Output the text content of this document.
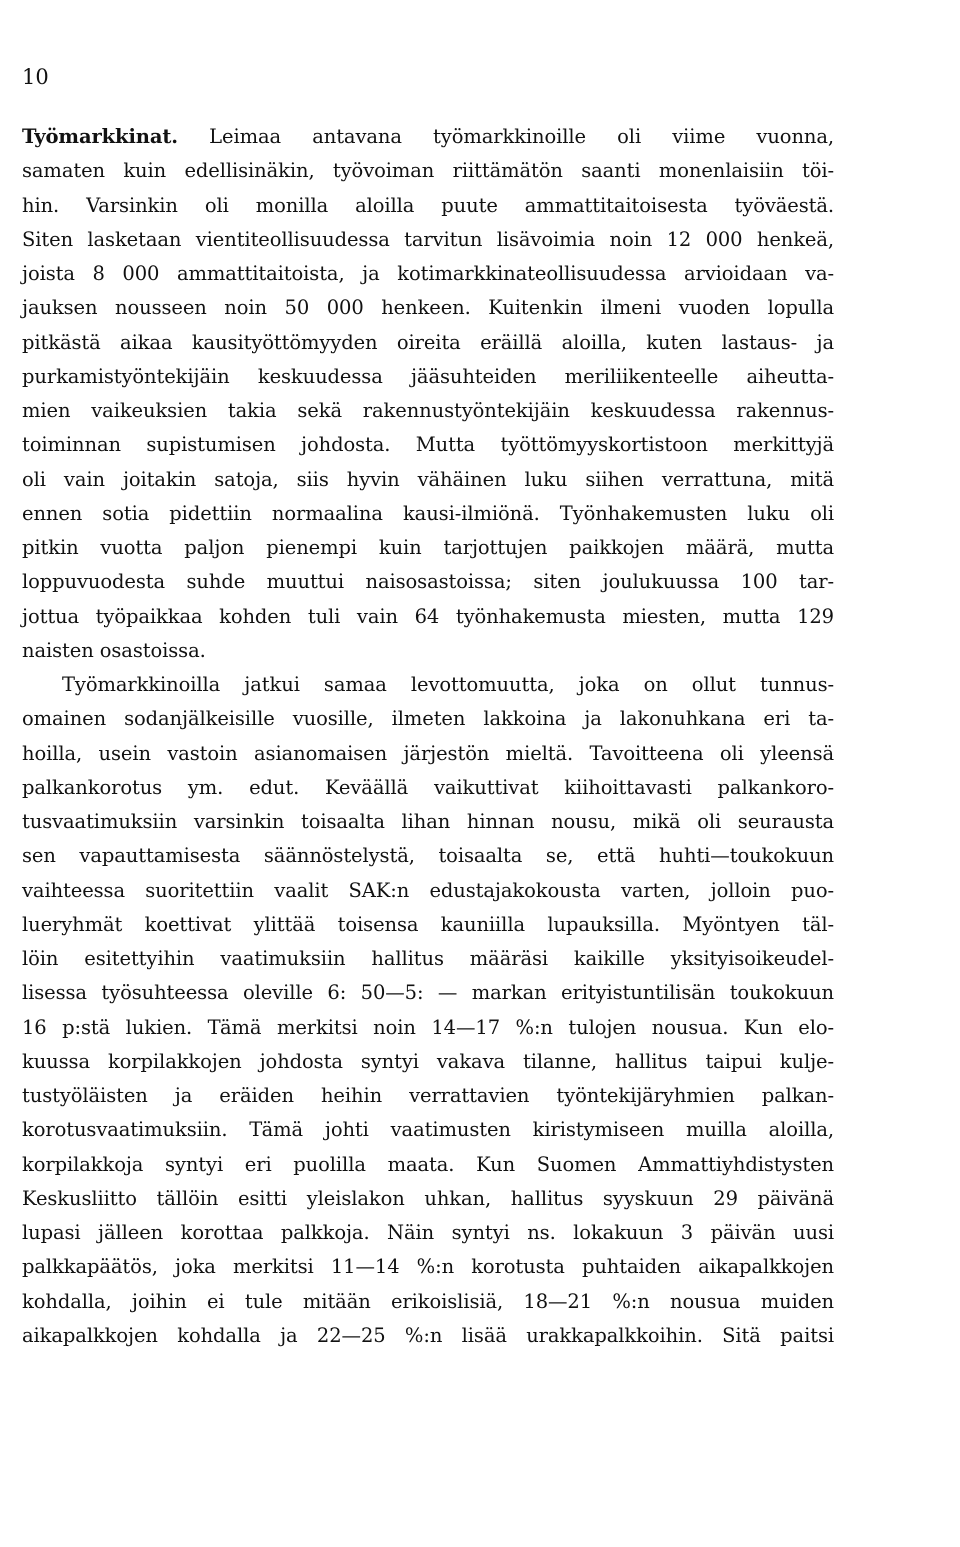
10
Työmarkkinat. Leimaa antavana työmarkkinoille oli viime vuonna,
samaten kuin edellisinäkin, työvoiman riittämätön saanti monenlaisiin töi-
hin. Varsinkin oli monilla aloilla puute ammattitaitoisesta työväestä.
Siten lasketaan vientiteollisuudessa tarvitun lisävoimia noin 12 000 henkeä,
joista 8 000 ammattitaitoista, ja kotimarkkinateollisuudessa arvioidaan va-
jauksen nousseen noin 50 000 henkeen. Kuitenkin ilmeni vuoden lopulla
pitkästä aikaa kausityöttömyyden oireita eräillä aloilla, kuten lastaus- ja
purkamistyöntekijäin keskuudessa jääsuhteiden meriliikenteelle aiheutta-
mien vaikeuksien takia sekä rakennustyöntekijäin keskuudessa rakennus-
toiminnan supistumisen johdosta. Mutta työttömyyskortistoon merkittyjä
oli vain joitakin satoja, siis hyvin vähäinen luku siihen verrattuna, mitä
ennen sotia pidettiin normaalina kausi-ilmiönä. Työnhakemusten luku oli
pitkin vuotta paljon pienempi kuin tarjottujen paikkojen määrä, mutta
loppuvuodesta suhde muuttui naisosastoissa; siten joulukuussa 100 tar-
jottua työpaikkaa kohden tuli vain 64 työnhakemusta miesten, mutta 129
naisten osastoissa.
Työmarkkinoilla jatkui samaa levottomuutta, joka on ollut tunnus-
omainen sodanjälkeisille vuosille, ilmeten lakkoina ja lakonuhkana eri ta-
hoilla, usein vastoin asianomaisen järjestön mieltä. Tavoitteena oli yleensä
palkankorotus ym. edut. Keväällä vaikuttivat kiihoittavasti palkankoro-
tusvaatimuksiin varsinkin toisaalta lihan hinnan nousu, mikä oli seurausta
sen vapauttamisesta säännöstelystä, toisaalta se, että huhti—toukokuun
vaihteessa suoritettiin vaalit SAK:n edustajakokousta varten, jolloin puo-
lueryhmät koettivat ylittää toisensa kauniilla lupauksilla. Myöntyen täl-
löin esitettyihin vaatimuksiin hallitus määräsi kaikille yksityisoikeudel-
lisessa työsuhteessa oleville 6: 50—5: — markan erityistuntilisän toukokuun
16 p:stä lukien. Tämä merkitsi noin 14—17 %:n tulojen nousua. Kun elo-
kuussa korpilakkojen johdosta syntyi vakava tilanne, hallitus taipui kulje-
tustyöläisten ja eräiden heihin verrattavien työntekijäryhmien palkan-
korotusvaatimuksiin. Tämä johti vaatimusten kiristymiseen muilla aloilla,
korpilakkoja syntyi eri puolilla maata. Kun Suomen Ammattiyhdistysten
Keskusliitto tällöin esitti yleislakon uhkan, hallitus syyskuun 29 päivänä
lupasi jälleen korottaa palkkoja. Näin syntyi ns. lokakuun 3 päivän uusi
palkkapäätös, joka merkitsi 11—14 %:n korotusta puhtaiden aikapalkkojen
kohdalla, joihin ei tule mitään erikoislisiä, 18—21 %:n nousua muiden
aikapalkkojen kohdalla ja 22—25 %:n lisää urakkapalkkoihin. Sitä paitsi
